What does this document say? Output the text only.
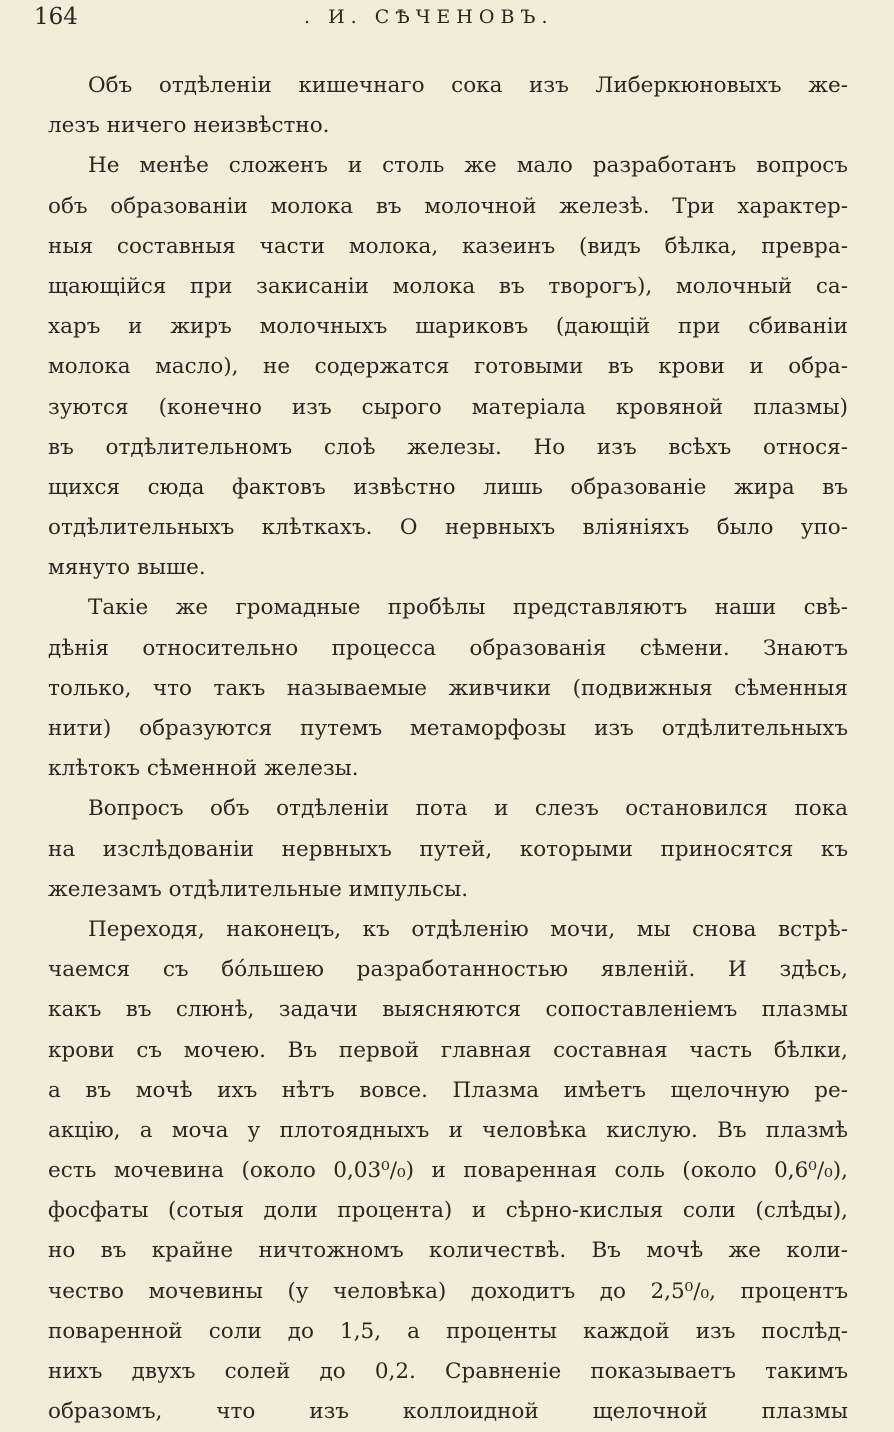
164	. И. СѢЧЕНОВЪ.
Объ отдѣленiи кишечнаго сока изъ Либеркюновыхъ же-
лезъ ничего неизвѣстно.
Не менѣе сложенъ и столь же мало разработанъ вопросъ
объ образованiи молока въ молочной железѣ. Три характер-
ныя составныя части молока, казеинъ (видъ бѣлка, превра-
щающiйся при закисанiи молока въ творогъ), молочный са-
харъ и жиръ молочныхъ шариковъ (дающiй при сбиванiи
молока масло), не содержатся готовыми въ крови и обра-
зуются (конечно изъ сырого матерiала кровяной плазмы)
въ отдѣлительномъ слоѣ железы. Но изъ всѣхъ относя-
щихся сюда фактовъ извѣстно лишь образованiе жира въ
отдѣлительныхъ клѣткахъ. О нервныхъ влiянiяхъ было упо-
мянуто выше.
Такiе же громадные пробѣлы представляютъ наши свѣ-
дѣнiя относительно процесса образованiя сѣмени. Знаютъ
только, что такъ называемые живчики (подвижныя сѣменныя
нити) образуются путемъ метаморфозы изъ отдѣлительныхъ
клѣтокъ сѣменной железы.
Вопросъ объ отдѣленiи пота и слезъ остановился пока
на изслѣдованiи нервныхъ путей, которыми приносятся къ
железамъ отдѣлительные импульсы.
Переходя, наконецъ, къ отдѣленiю мочи, мы снова встрѣ-
чаемся съ бóльшею разработанностью явленiй. И здѣсь,
какъ въ слюнѣ, задачи выясняются сопоставленiемъ плазмы
крови съ мочею. Въ первой главная составная часть бѣлки,
а въ мочѣ ихъ нѣтъ вовсе. Плазма имѣетъ щелочную ре-
акцiю, а моча у плотоядныхъ и человѣка кислую. Въ плазмѣ
есть мочевина (около 0,03⁰/₀) и поваренная соль (около 0,6⁰/₀),
фосфаты (сотыя доли процента) и сѣрно-кислыя соли (слѣды),
но въ крайне ничтожномъ количествѣ. Въ мочѣ же коли-
чество мочевины (у человѣка) доходитъ до 2,5⁰/₀, процентъ
поваренной соли до 1,5, а проценты каждой изъ послѣд-
нихъ двухъ солей до 0,2. Сравненiе показываетъ такимъ
образомъ, что изъ коллоидной щелочной плазмы
